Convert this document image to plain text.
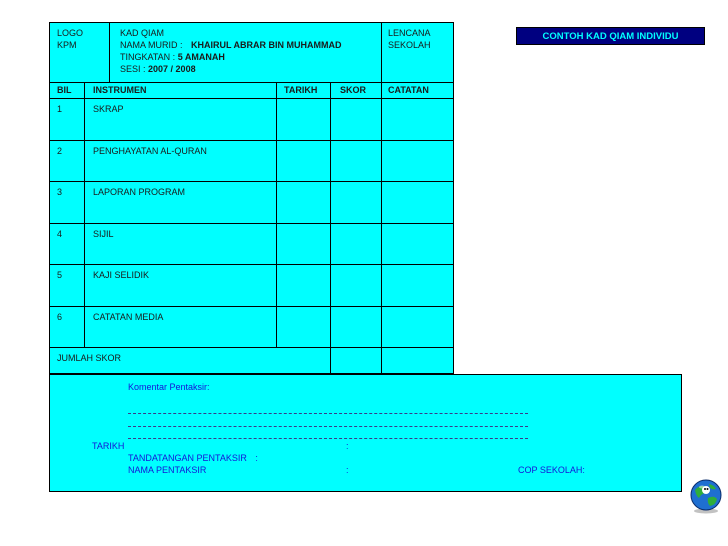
CONTOH KAD QIAM INDIVIDU
LOGO
KPM
KAD QIAM
NAMA MURID : KHAIRUL ABRAR BIN MUHAMMAD
TINGKATAN : 5 AMANAH
SESI : 2007 / 2008
LENCANA
SEKOLAH
BIL INSTRUMEN	TARIKH	SKOR CATATAN
1	SKRAP
2	PENGHAYATAN AL-QURAN
3	LAPORAN PROGRAM
4	SIJIL
5	KAJI SELIDIK
6	CATATAN MEDIA
JUMLAH SKOR
Komentar Pentaksir:
TARIKH	:
TANDATANGAN PENTAKSIR :
NAMA PENTAKSIR	:	COP SEKOLAH:
